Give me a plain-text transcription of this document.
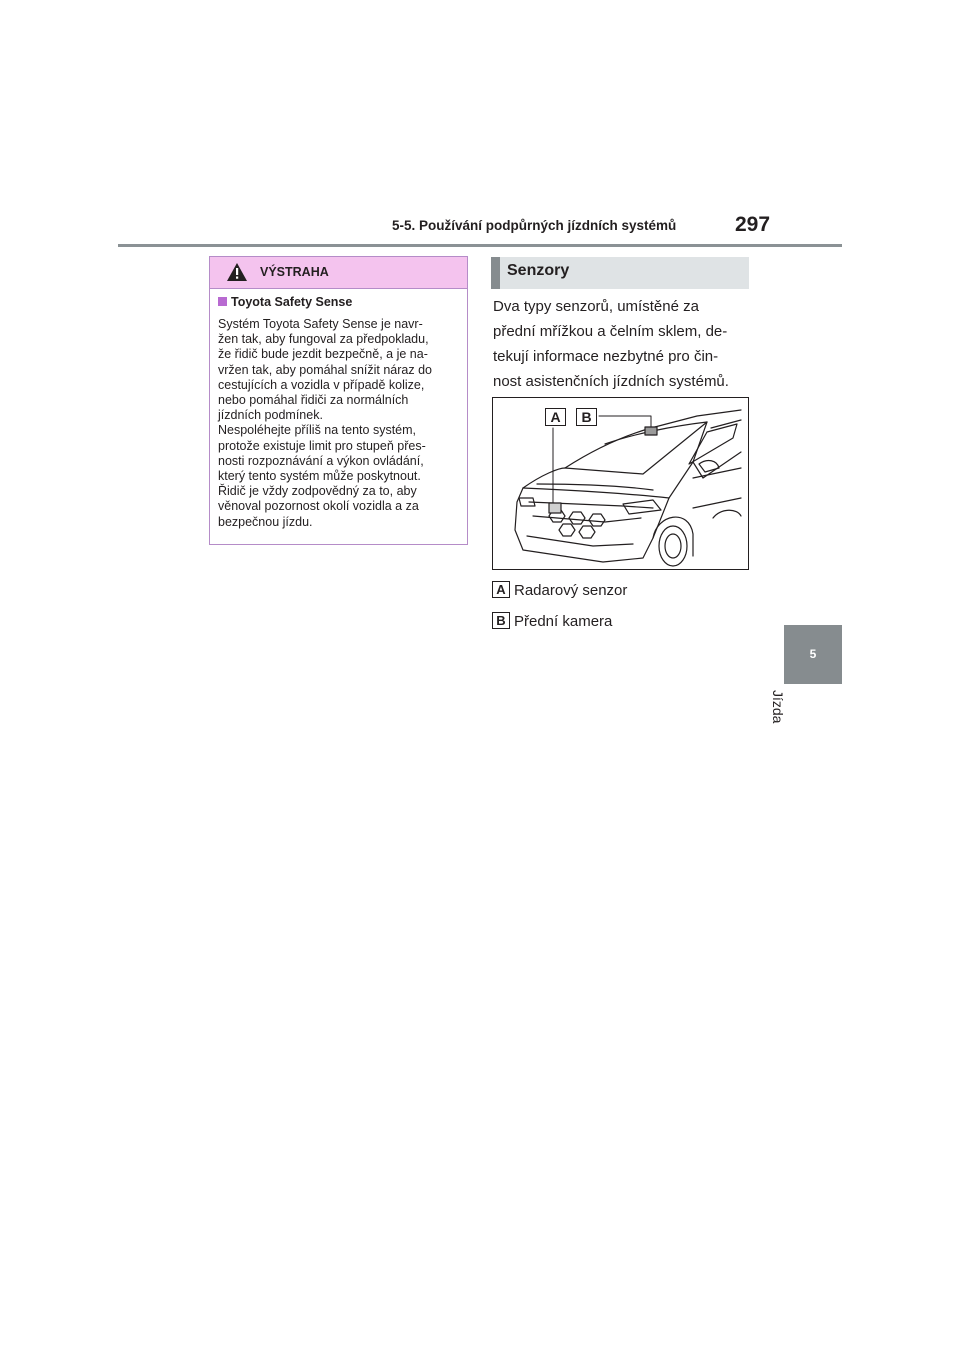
5-5. Používání podpůrných jízdních systémů	297
5
Jízda
VÝSTRAHA
Toyota Safety Sense
Systém Toyota Safety Sense je navr-
žen tak, aby fungoval za předpokladu,
že řidič bude jezdit bezpečně, a je na-
vržen tak, aby pomáhal snížit náraz do
cestujících a vozidla v případě kolize,
nebo pomáhal řidiči za normálních
jízdních podmínek.
Nespoléhejte příliš na tento systém,
protože existuje limit pro stupeň přes-
nosti rozpoznávání a výkon ovládání,
který tento systém může poskytnout.
Řidič je vždy zodpovědný za to, aby
věnoval pozornost okolí vozidla a za
bezpečnou jízdu.
Senzory
Dva typy senzorů, umístěné za
přední mřížkou a čelním sklem, de-
tekují informace nezbytné pro čin-
nost asistenčních jízdních systémů.
A	B
A Radarový senzor
B Přední kamera
